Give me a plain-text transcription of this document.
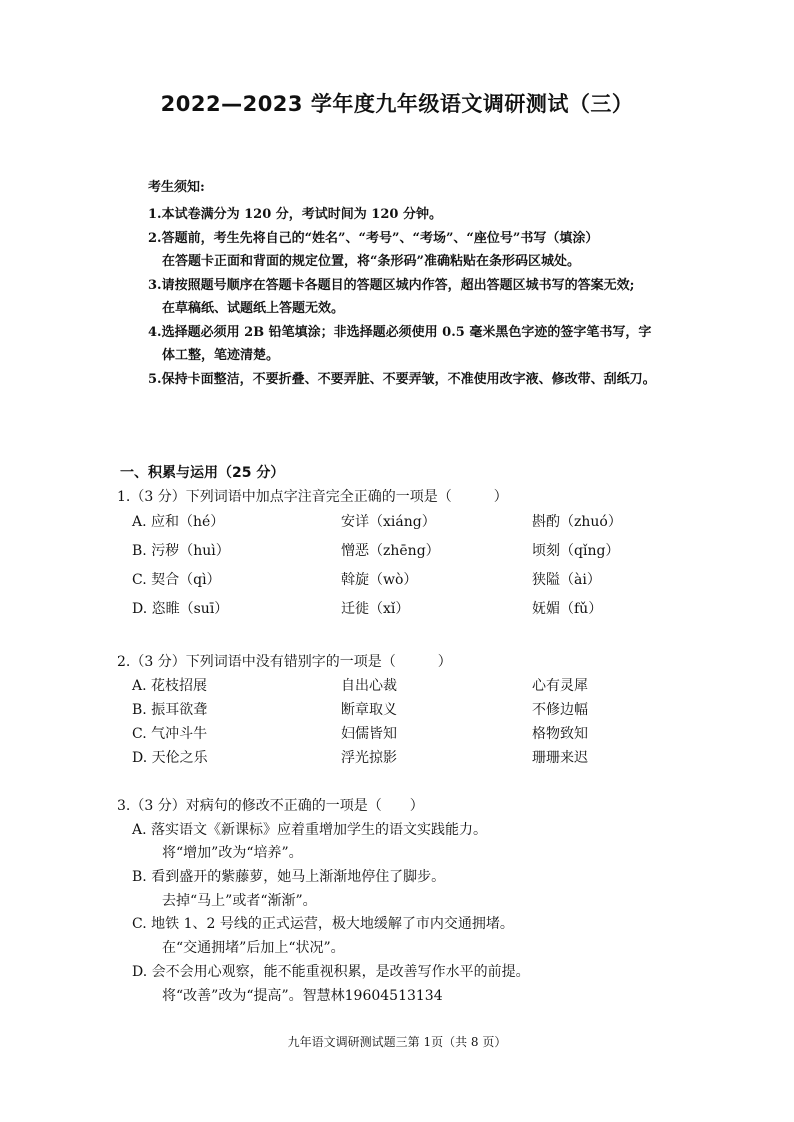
2022—2023 学年度九年级语文调研测试（三）
考生须知:
1.本试卷满分为 120 分，考试时间为 120 分钟。
2.答题前，考生先将自己的“姓名”、“考号”、“考场”、“座位号”书写（填涂）
在答题卡正面和背面的规定位置，将“条形码”准确粘贴在条形码区城处。
3.请按照题号顺序在答题卡各题目的答题区城内作答，超出答题区城书写的答案无效;
在草稿纸、试题纸上答题无效。
4.选择题必须用 2B 铅笔填涂；非选择题必须使用 0.5 毫米黑色字迹的签字笔书写，字
体工整，笔迹清楚。
5.保持卡面整洁，不要折叠、不要弄脏、不要弄皱，不准使用改字液、修改带、刮纸刀。
一、积累与运用（25 分）
1.（3 分）下列词语中加点字注音完全正确的一项是（　　　）
A. 应和（hé）	安详（xiáng）	斟酌（zhuó）
B. 污秽（huì）	憎恶（zhēng）	顷刻（qǐng）
C. 契合（qì）	斡旋（wò）	狭隘（ài）
D. 恣睢（suī）	迁徙（xǐ）	妩媚（fǔ）
2.（3 分）下列词语中没有错别字的一项是（　　　）
A. 花枝招展	自出心裁	心有灵犀
B. 振耳欲聋	断章取义	不修边幅
C. 气冲斗牛	妇儒皆知	格物致知
D. 天伦之乐	浮光掠影	珊珊来迟
3.（3 分）对病句的修改不正确的一项是（　　）
A. 落实语文《新课标》应着重增加学生的语文实践能力。
将“增加”改为“培养”。
B. 看到盛开的紫藤萝，她马上渐渐地停住了脚步。
去掉“马上”或者“渐渐”。
C. 地铁 1、2 号线的正式运营，极大地缓解了市内交通拥堵。
在“交通拥堵”后加上“状况”。
D. 会不会用心观察，能不能重视积累，是改善写作水平的前提。
将“改善”改为“提高”。智慧林19604513134
九年语文调研测试题三第 1页（共 8 页）
